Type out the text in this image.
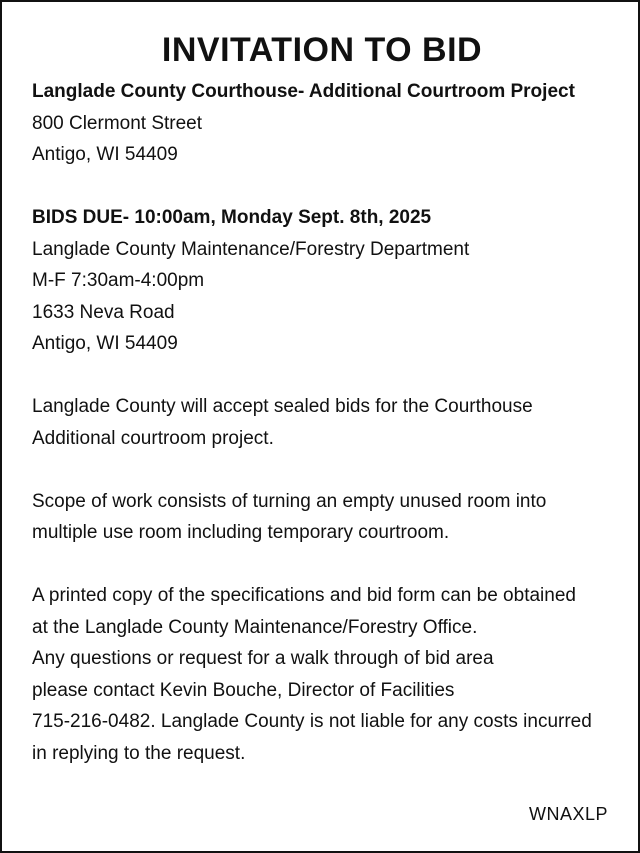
INVITATION TO BID
Langlade County Courthouse- Additional Courtroom Project
800 Clermont Street
Antigo, WI 54409
BIDS DUE- 10:00am, Monday Sept. 8th, 2025
Langlade County Maintenance/Forestry Department
M-F 7:30am-4:00pm
1633 Neva Road
Antigo, WI 54409
Langlade County will accept sealed bids for the Courthouse
Additional courtroom project.
Scope of work consists of turning an empty unused room into
multiple use room including temporary courtroom.
A printed copy of the specifications and bid form can be obtained
at the Langlade County Maintenance/Forestry Office.
Any questions or request for a walk through of bid area
please contact Kevin Bouche, Director of Facilities
715-216-0482. Langlade County is not liable for any costs incurred
in replying to the request.
WNAXLP
